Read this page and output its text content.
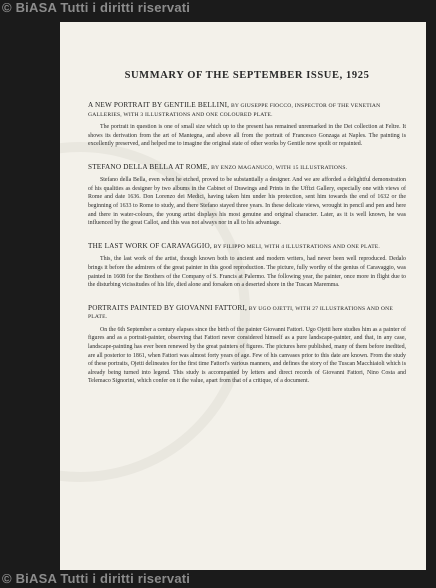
© BiASA Tutti i diritti riservati
SUMMARY OF THE SEPTEMBER ISSUE, 1925

A NEW PORTRAIT BY GENTILE BELLINI, BY GIUSEPPE FIOCCO, INSPECTOR OF THE VENETIAN GALLERIES, WITH 3 ILLUSTRATIONS AND ONE COLOURED PLATE.

The portrait in question is one of small size which up to the present has remained unremarked in the Dei collection at Feltre. It shows its derivation from the art of Mantegna, and above all from the portrait of Francesco Gonzaga at Naples. The painting is excellently preserved, and helped me to imagine the original state of other works by Gentile now spoilt or repainted.

STEFANO DELLA BELLA AT ROME, BY ENZO MAGANUCO, WITH 15 ILLUSTRATIONS.

Stefano della Bella, even when he etched, proved to be substantially a designer. And we are afforded a delightful demonstration of his qualities as designer by two albums in the Cabinet of Drawings and Prints in the Uffizi Gallery, especially one with views of Rome and date 1636. Don Lorenzo dei Medici, having taken him under his protection, sent him towards the end of 1632 or the beginning of 1633 to Rome to study, and there Stefano stayed three years. In these delicate views, wrought in pencil and pen and here and there in water-colours, the young artist displays his most genuine and original character. Later, as it is well known, he was influenced by the great Callot, and this was not always nor in all to his advantage.

THE LAST WORK OF CARAVAGGIO, BY FILIPPO MELI, WITH 4 ILLUSTRATIONS AND ONE PLATE.

This, the last work of the artist, though known both to ancient and modern writers, had never been well reproduced. Dedalo brings it before the admirers of the great painter in this good reproduction. The picture, fully worthy of the genius of Caravaggio, was painted in 1608 for the Brothers of the Company of S. Francis at Palermo. The following year, the painter, once more in flight due to the disturbing vicissitudes of his life, died alone and forsaken on a deserted shore in the Tuscan Maremma.

PORTRAITS PAINTED BY GIOVANNI FATTORI, BY UGO OJETTI, WITH 27 ILLUSTRATIONS AND ONE PLATE.

On the 6th September a century elapses since the birth of the painter Giovanni Fattori. Ugo Ojetti here studies him as a painter of figures and as a portrait-painter, observing that Fattori never considered himself as a pure landscape-painter, and that, in any case, landscape-painting has ever been renewed by the great painters of figures. The pictures here published, many of them before inedited, are all posterior to 1861, when Fattori was almost forty years of age. Few of his canvases prior to this date are known. From the study of these portraits, Ojetti delineates for the first time Fattori's various manners, and defines the story of the Tuscan Macchiaioli which is already being turned into legend. This study is accompanied by letters and direct records of Giovanni Fattori, Nino Costa and Telemaco Signorini, which confer on it the value, apart from that of a critique, of a document.

© BiASA Tutti i diritti riservati
